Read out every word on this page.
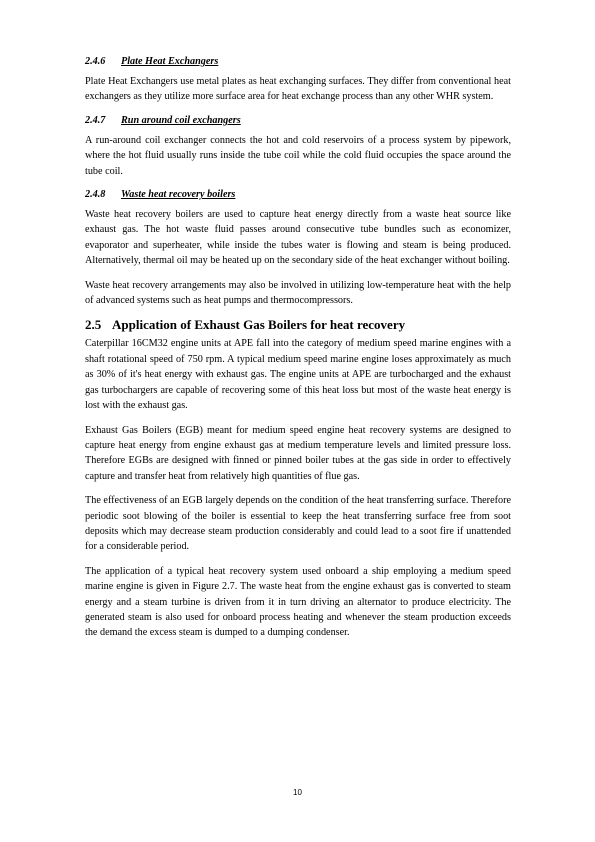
2.4.6 Plate Heat Exchangers

Plate Heat Exchangers use metal plates as heat exchanging surfaces. They differ from conventional heat exchangers as they utilize more surface area for heat exchange process than any other WHR system.

2.4.7 Run around coil exchangers

A run-around coil exchanger connects the hot and cold reservoirs of a process system by pipework, where the hot fluid usually runs inside the tube coil while the cold fluid occupies the space around the tube coil.

2.4.8 Waste heat recovery boilers

Waste heat recovery boilers are used to capture heat energy directly from a waste heat source like exhaust gas. The hot waste fluid passes around consecutive tube bundles such as economizer, evaporator and superheater, while inside the tubes water is flowing and steam is being produced. Alternatively, thermal oil may be heated up on the secondary side of the heat exchanger without boiling.

Waste heat recovery arrangements may also be involved in utilizing low-temperature heat with the help of advanced systems such as heat pumps and thermocompressors.

2.5 Application of Exhaust Gas Boilers for heat recovery

Caterpillar 16CM32 engine units at APE fall into the category of medium speed marine engines with a shaft rotational speed of 750 rpm. A typical medium speed marine engine loses approximately as much as 30% of it's heat energy with exhaust gas. The engine units at APE are turbocharged and the exhaust gas turbochargers are capable of recovering some of this heat loss but most of the waste heat energy is lost with the exhaust gas.

Exhaust Gas Boilers (EGB) meant for medium speed engine heat recovery systems are designed to capture heat energy from engine exhaust gas at medium temperature levels and limited pressure loss. Therefore EGBs are designed with finned or pinned boiler tubes at the gas side in order to effectively capture and transfer heat from relatively high quantities of flue gas.

The effectiveness of an EGB largely depends on the condition of the heat transferring surface. Therefore periodic soot blowing of the boiler is essential to keep the heat transferring surface free from soot deposits which may decrease steam production considerably and could lead to a soot fire if unattended for a considerable period.

The application of a typical heat recovery system used onboard a ship employing a medium speed marine engine is given in Figure 2.7. The waste heat from the engine exhaust gas is converted to steam energy and a steam turbine is driven from it in turn driving an alternator to produce electricity. The generated steam is also used for onboard process heating and whenever the steam production exceeds the demand the excess steam is dumped to a dumping condenser.

10
